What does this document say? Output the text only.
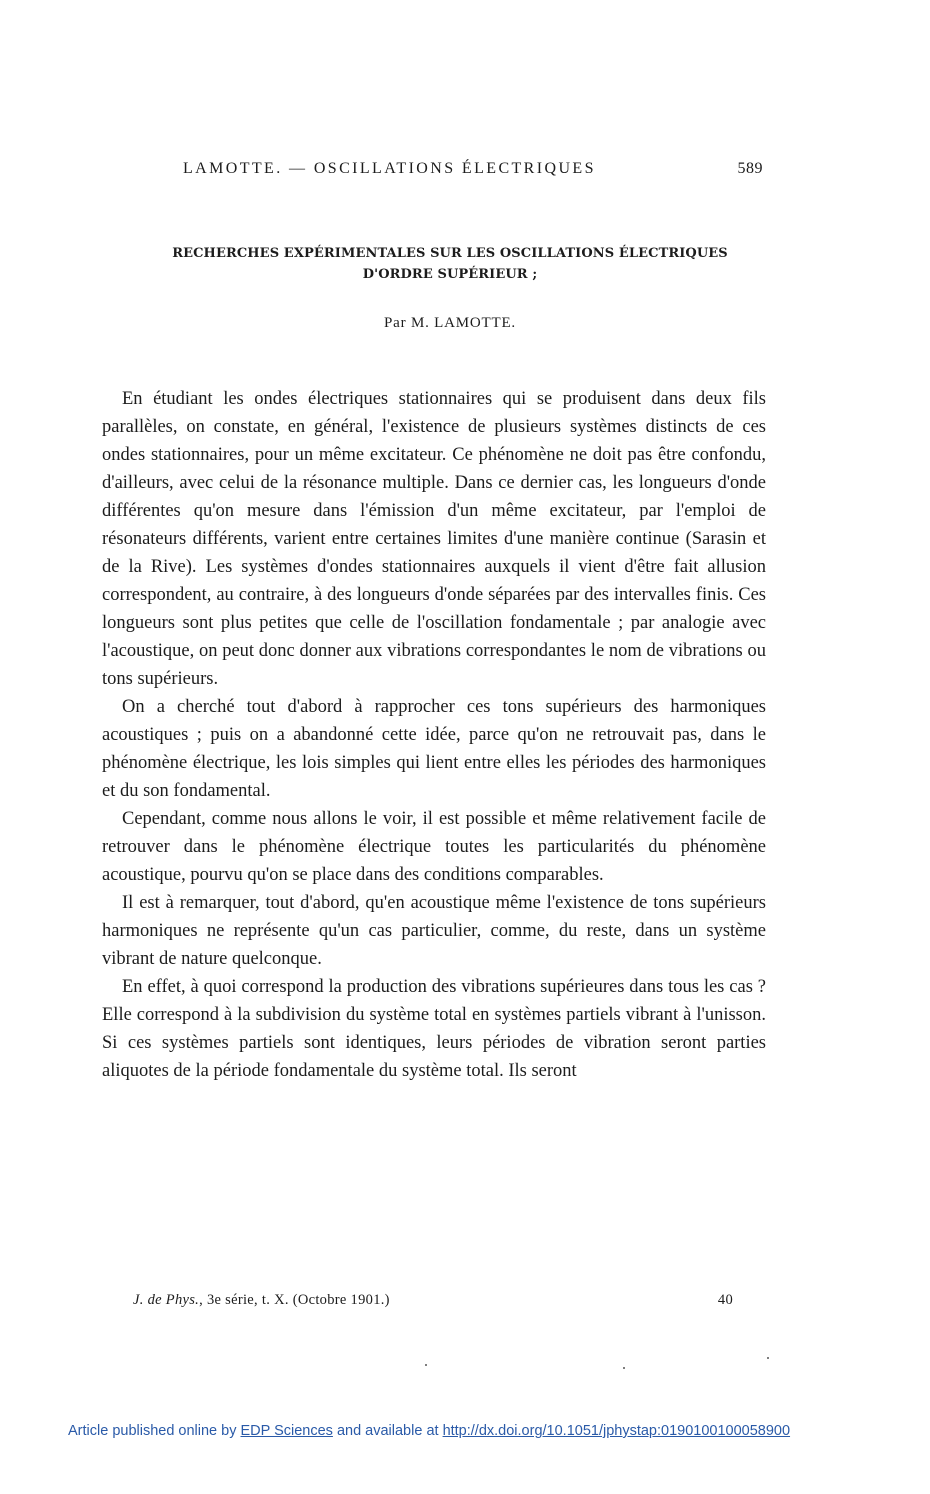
LAMOTTE. — OSCILLATIONS ÉLECTRIQUES	589
RECHERCHES EXPÉRIMENTALES SUR LES OSCILLATIONS ÉLECTRIQUES
D'ORDRE SUPÉRIEUR ;
Par M. LAMOTTE.

En étudiant les ondes électriques stationnaires qui se produisent dans deux fils parallèles, on constate, en général, l'existence de plusieurs systèmes distincts de ces ondes stationnaires, pour un même excitateur. Ce phénomène ne doit pas être confondu, d'ailleurs, avec celui de la résonance multiple. Dans ce dernier cas, les longueurs d'onde différentes qu'on mesure dans l'émission d'un même excitateur, par l'emploi de résonateurs différents, varient entre certaines limites d'une manière continue (Sarasin et de la Rive). Les systèmes d'ondes stationnaires auxquels il vient d'être fait allusion correspondent, au contraire, à des longueurs d'onde séparées par des intervalles finis. Ces longueurs sont plus petites que celle de l'oscillation fondamentale ; par analogie avec l'acoustique, on peut donc donner aux vibrations correspondantes le nom de vibrations ou tons supérieurs.

On a cherché tout d'abord à rapprocher ces tons supérieurs des harmoniques acoustiques ; puis on a abandonné cette idée, parce qu'on ne retrouvait pas, dans le phénomène électrique, les lois simples qui lient entre elles les périodes des harmoniques et du son fondamental.

Cependant, comme nous allons le voir, il est possible et même relativement facile de retrouver dans le phénomène électrique toutes les particularités du phénomène acoustique, pourvu qu'on se place dans des conditions comparables.

Il est à remarquer, tout d'abord, qu'en acoustique même l'existence de tons supérieurs harmoniques ne représente qu'un cas particulier, comme, du reste, dans un système vibrant de nature quelconque.

En effet, à quoi correspond la production des vibrations supérieures dans tous les cas ? Elle correspond à la subdivision du système total en systèmes partiels vibrant à l'unisson. Si ces systèmes partiels sont identiques, leurs périodes de vibration seront parties aliquotes de la période fondamentale du système total. Ils seront

J. de Phys., 3e série, t. X. (Octobre 1901.)	40
Article published online by EDP Sciences and available at http://dx.doi.org/10.1051/jphystap:0190100100058900
